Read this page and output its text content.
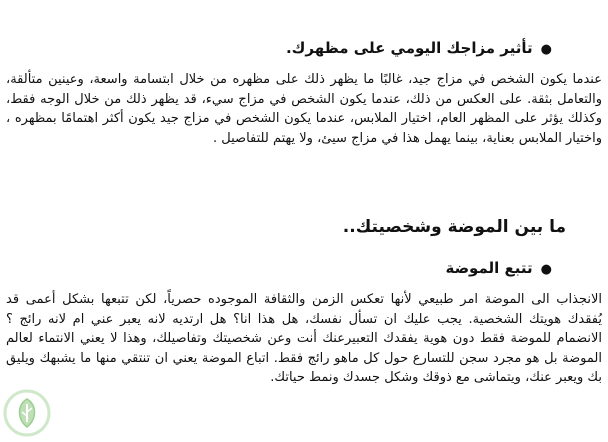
●تأثير مزاجك اليومي على مظهرك.
عندما يكون الشخص في مزاج جيد، غالبًا ما يظهر ذلك على مظهره من خلال ابتسامة واسعة، وعينين متألقة، والتعامل بثقة. على العكس من ذلك، عندما يكون الشخص في مزاج سيء، قد يظهر ذلك من خلال الوجه فقط، وكذلك يؤثر على المظهر العام، اختيار الملابس، عندما يكون الشخص في مزاج جيد يكون أكثر اهتمامًا بمظهره ، واختيار الملابس بعناية، بينما يهمل هذا في مزاج سيئ، ولا يهتم للتفاصيل .
ما بين الموضة وشخصيتك..
●تتبع الموضة
الانجذاب الى الموضة امر طبيعي لأنها تعكس الزمن والثقافة الموجوده حصرياً، لكن تتبعها بشكل أعمى قد يُفقدك هويتك الشخصية. يجب عليك ان تسأل نفسك، هل هذا انا؟ هل ارتديه لانه يعبر عني ام لانه رائج ؟ الانضمام للموضة فقط دون هوية يفقدك التعبيرعنك أنت وعن شخصيتك وتفاصيلك، وهذا لا يعني الانتماء لعالم الموضة بل هو مجرد سجن للتسارع حول كل ماهو رائج فقط. اتباع الموضة يعني ان تنتقي منها ما يشبهك ويليق بك ويعبر عنك، ويتماشى مع ذوقك وشكل جسدك ونمط حياتك.
